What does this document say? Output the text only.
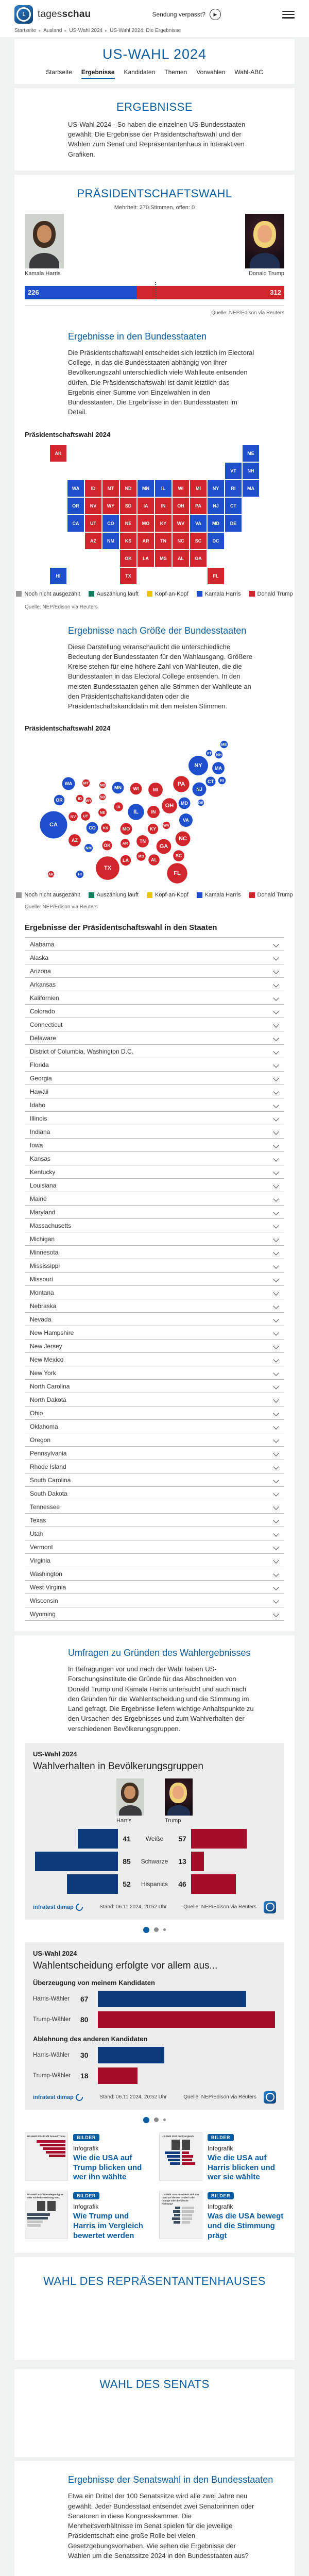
1	tagesschau	Sendung verpasst?	▶
Startseite ▸ Ausland ▸ US-Wahl 2024 ▸ US-Wahl 2024: Die Ergebnisse
US-WAHL 2024
Startseite Ergebnisse Kandidaten Themen Vorwahlen Wahl-ABC
ERGEBNISSE

US-Wahl 2024 - So haben die einzelnen US-Bundesstaaten gewählt: Die Ergebnisse der Präsidentschaftswahl und der Wahlen zum Senat und Repräsentantenhaus in interaktiven Grafiken.

PRÄSIDENTSCHAFTSWAHL
Mehrheit: 270 Stimmen, offen: 0
Kamala Harris	Donald Trump
226	312
Quelle: NEP/Edison via Reuters
Ergebnisse in den Bundesstaaten

Die Präsidentschaftswahl entscheidet sich letztlich im Electoral College, in das die Bundesstaaten abhängig von ihrer Bevölkerungszahl unterschiedlich viele Wahlleute entsenden dürfen. Die Präsidentschaftswahl ist damit letztlich das Ergebnis einer Summe von Einzelwahlen in den Bundesstaaten. Die Ergebnisse in den Bundesstaaten im Detail.

Präsidentschaftswahl 2024
AK	ME
VT	NH
WA	ID	MT	ND	MN	IL	WI	MI	NY	RI	MA
OR	NV	WY	SD	IA	IN	OH	PA	NJ	CT
CA	UT	CO	NE	MO	KY	WV	VA	MD	DE
AZ	NM	KS	AR	TN	NC	SC	DC
OK	LA	MS	AL	GA
HI	TX	FL
Noch nicht ausgezählt	Auszählung läuft	Kopf-an-Kopf	Kamala Harris	Donald Trump
Quelle: NEP/Edison via Reuters
Ergebnisse nach Größe der Bundesstaaten

Diese Darstellung veranschaulicht die unterschiedliche Bedeutung der Bundesstaaten für den Wahlausgang. Größere Kreise stehen für eine höhere Zahl von Wahlleuten, die die Bundesstaaten in das Electoral College entsenden. In den meisten Bundesstaaten gehen alle Stimmen der Wahlleute an den Präsidentschaftskandidaten oder die Präsidentschaftskandidatin mit den meisten Stimmen.

Präsidentschaftswahl 2024
ME
VT NH
NY	MA
WA	MT	ND MN	WI	MI
PA
NJ
CT RI
OR	ID WY
SD
IA
NE	IL	IN
OH MD	DE
VA
NV UT
CA	CO KS	MO	KY
WV
NC
AZ
NM	OK	AR	TN
GA
SC
MS
AL
LA
TX
FL
AK	HI
Noch nicht ausgezählt	Auszählung läuft	Kopf-an-Kopf	Kamala Harris	Donald Trump
Quelle: NEP/Edison via Reuters
Ergebnisse der Präsidentschaftswahl in den Staaten
Alabama
Alaska
Arizona
Arkansas
Kalifornien
Colorado
Connecticut
Delaware
District of Columbia, Washington D.C.
Florida
Georgia
Hawaii
Idaho
Illinois
Indiana
Iowa
Kansas
Kentucky
Louisiana
Maine
Maryland
Massachusetts
Michigan
Minnesota
Mississippi
Missouri
Montana
Nebraska
Nevada
New Hampshire
New Jersey
New Mexico
New York
North Carolina
North Dakota
Ohio
Oklahoma
Oregon
Pennsylvania
Rhode Island
South Carolina
South Dakota
Tennessee
Texas
Utah
Vermont
Virginia
Washington
West Virginia
Wisconsin
Wyoming
Umfragen zu Gründen des Wahlergebnisses

In Befragungen vor und nach der Wahl haben US-Forschungsinstitute die Gründe für das Abschneiden von Donald Trump und Kamala Harris untersucht und auch nach den Gründen für die Wahlentscheidung und die Stimmung im Land gefragt. Die Ergebnisse liefern wichtige Anhaltspunkte zu den Ursachen des Ergebnisses und zum Wahlverhalten der verschiedenen Bevölkerungsgruppen.

US-Wahl 2024
Wahlverhalten in Bevölkerungsgruppen
Harris	Trump
41	Weiße	57
85	Schwarze	13
52	Hispanics	46
infratest dimap	Stand: 06.11.2024, 20:52 Uhr	Quelle: NEP/Edison via Reuters
US-Wahl 2024
Wahlentscheidung erfolgte vor allem aus...
Überzeugung von meinem Kandidaten
Harris-Wähler	67
Trump-Wähler	80
Ablehnung des anderen Kandidaten
Harris-Wähler	30
Trump-Wähler	18
infratest dimap	Stand: 06.11.2024, 20:52 Uhr	Quelle: NEP/Edison via Reuters
US-Wahl 2024 Profil Donald Trump	BILDER
Infografik
Wie die USA auf Trump blicken und wer ihn wählte
US-Wahl 2024 Profilvergleich	BILDER
Infografik
Wie die USA auf Harris blicken und wer sie wählte
US-Wahl 2024 Überwiegend gute oder schlechte Meinung von...	BILDER
Infografik
Wie Trump und Harris im Vergleich bewertet werden
US-Wahl 2024 Entwickelt sich das Land auf diesem Gebiet in die richtige oder die falsche Richtung?
BILDER
Infografik
Was die USA bewegt und die Stimmung prägt
WAHL DES REPRÄSENTANTENHAUSES
WAHL DES SENATS
Ergebnisse der Senatswahl in den Bundesstaaten

Etwa ein Drittel der 100 Senatssitze wird alle zwei Jahre neu gewählt. Jeder Bundesstaat entsendet zwei Senatorinnen oder Senatoren in diese Kongresskammer. Die Mehrheitsverhältnisse im Senat spielen für die jeweilige Präsidentschaft eine große Rolle bei vielen Gesetzgebungsvorhaben. Wie sehen die Ergebnisse der Wahlen um die Senatssitze 2024 in den Bundesstaaten aus?
